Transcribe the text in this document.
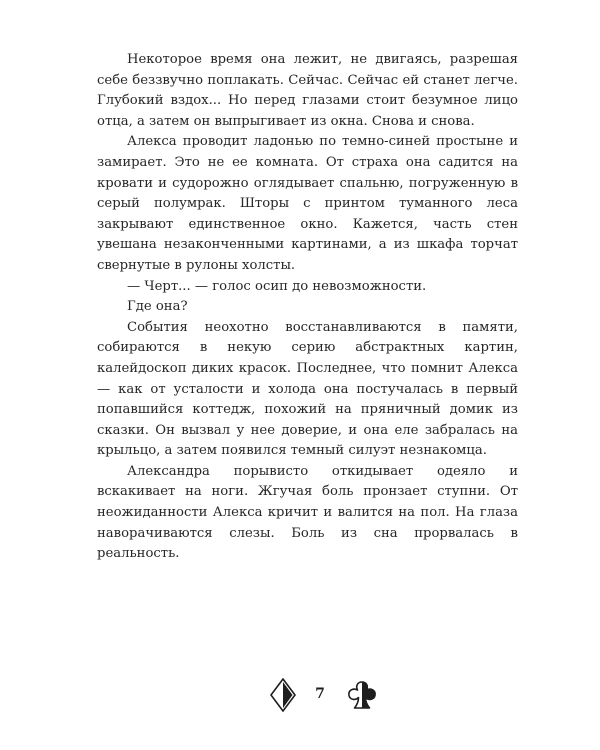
Некоторое время она лежит, не двигаясь, разрешая себе беззвучно поплакать. Сейчас. Сейчас ей станет легче. Глубокий вздох... Но перед глазами стоит безумное лицо отца, а затем он выпрыгивает из окна. Снова и снова.

Алекса проводит ладонью по темно-синей простыне и замирает. Это не ее комната. От страха она садится на кровати и судорожно оглядывает спальню, погруженную в серый полумрак. Шторы с принтом туманного леса закрывают единственное окно. Кажется, часть стен увешана незаконченными картинами, а из шкафа торчат свернутые в рулоны холсты.

— Черт... — голос осип до невозможности.

Где она?

События неохотно восстанавливаются в памяти, собираются в некую серию абстрактных картин, калейдоскоп диких красок. Последнее, что помнит Алекса — как от усталости и холода она постучалась в первый попавшийся коттедж, похожий на пряничный домик из сказки. Он вызвал у нее доверие, и она еле забралась на крыльцо, а затем появился темный силуэт незнакомца.

Александра порывисто откидывает одеяло и вскакивает на ноги. Жгучая боль пронзает ступни. От неожиданности Алекса кричит и валится на пол. На глаза наворачиваются слезы. Боль из сна прорвалась в реальность.

7
